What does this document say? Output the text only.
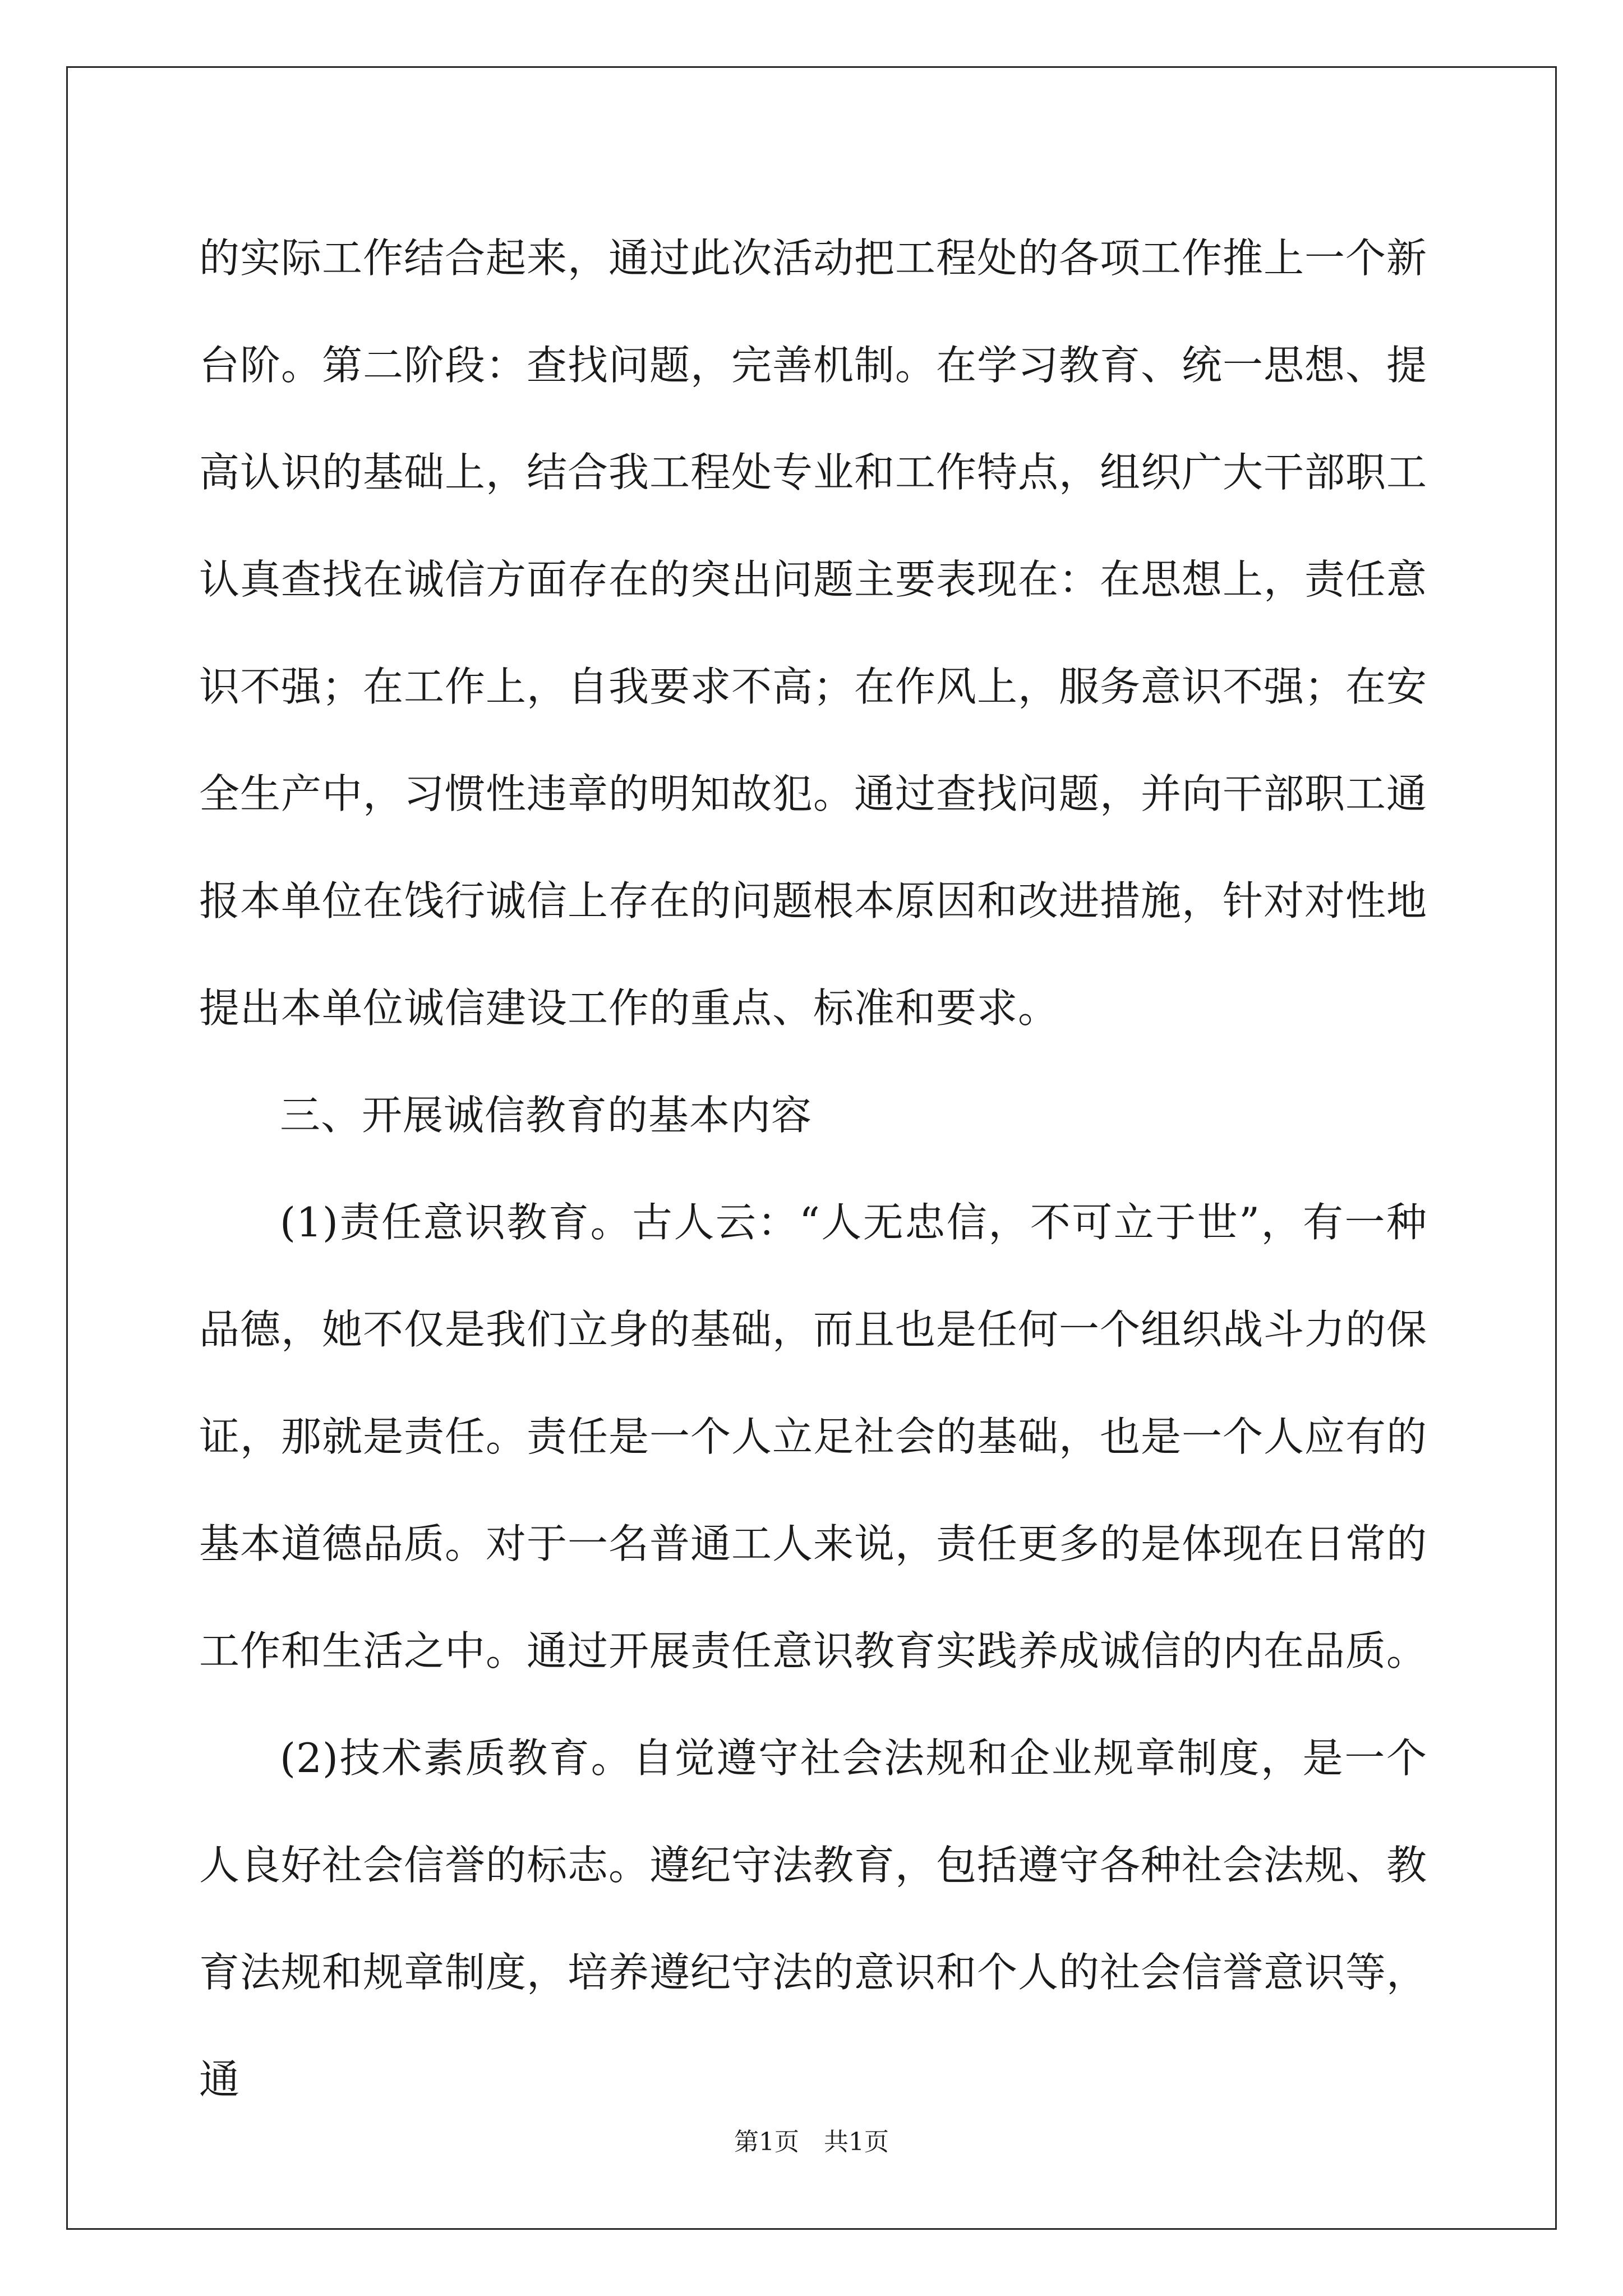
的实际工作结合起来，通过此次活动把工程处的各项工作推上一个新台阶。第二阶段：查找问题，完善机制。在学习教育、统一思想、提高认识的基础上，结合我工程处专业和工作特点，组织广大干部职工认真查找在诚信方面存在的突出问题主要表现在：在思想上，责任意识不强；在工作上，自我要求不高；在作风上，服务意识不强；在安全生产中，习惯性违章的明知故犯。通过查找问题，并向干部职工通报本单位在饯行诚信上存在的问题根本原因和改进措施，针对对性地提出本单位诚信建设工作的重点、标准和要求。

三、开展诚信教育的基本内容

(1)责任意识教育。古人云：“人无忠信，不可立于世”，有一种品德，她不仅是我们立身的基础，而且也是任何一个组织战斗力的保证，那就是责任。责任是一个人立足社会的基础，也是一个人应有的基本道德品质。对于一名普通工人来说，责任更多的是体现在日常的工作和生活之中。通过开展责任意识教育实践养成诚信的内在品质。

(2)技术素质教育。自觉遵守社会法规和企业规章制度，是一个人良好社会信誉的标志。遵纪守法教育，包括遵守各种社会法规、教育法规和规章制度，培养遵纪守法的意识和个人的社会信誉意识等，通

第1页　共1页
